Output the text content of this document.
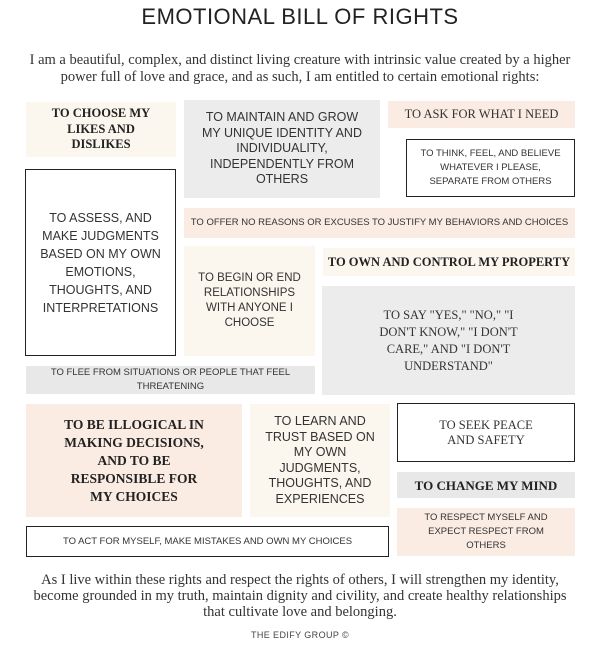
EMOTIONAL BILL OF RIGHTS
I am a beautiful, complex, and distinct living creature with intrinsic value created by a higher power full of love and grace, and as such, I am entitled to certain emotional rights:
TO CHOOSE MY LIKES AND DISLIKES
TO MAINTAIN AND GROW MY UNIQUE IDENTITY AND INDIVIDUALITY, INDEPENDENTLY FROM OTHERS
TO ASK FOR WHAT I NEED
TO THINK, FEEL, AND BELIEVE WHATEVER I PLEASE, SEPARATE FROM OTHERS
TO ASSESS, AND MAKE JUDGMENTS BASED ON MY OWN EMOTIONS, THOUGHTS, AND INTERPRETATIONS
TO OFFER NO REASONS OR EXCUSES TO JUSTIFY MY BEHAVIORS AND CHOICES
TO BEGIN OR END RELATIONSHIPS WITH ANYONE I CHOOSE
TO OWN AND CONTROL MY PROPERTY
TO SAY "YES," "NO," "I DON'T KNOW," "I DON'T CARE," AND "I DON'T UNDERSTAND"
TO FLEE FROM SITUATIONS OR PEOPLE THAT FEEL THREATENING
TO BE ILLOGICAL IN MAKING DECISIONS, AND TO BE RESPONSIBLE FOR MY CHOICES
TO LEARN AND TRUST BASED ON MY OWN JUDGMENTS, THOUGHTS, AND EXPERIENCES
TO SEEK PEACE AND SAFETY
TO CHANGE MY MIND
TO ACT FOR MYSELF, MAKE MISTAKES AND OWN MY CHOICES
TO RESPECT MYSELF AND EXPECT RESPECT FROM OTHERS
As I live within these rights and respect the rights of others, I will strengthen my identity, become grounded in my truth, maintain dignity and civility, and create healthy relationships that cultivate love and belonging.
THE EDIFY GROUP ©
